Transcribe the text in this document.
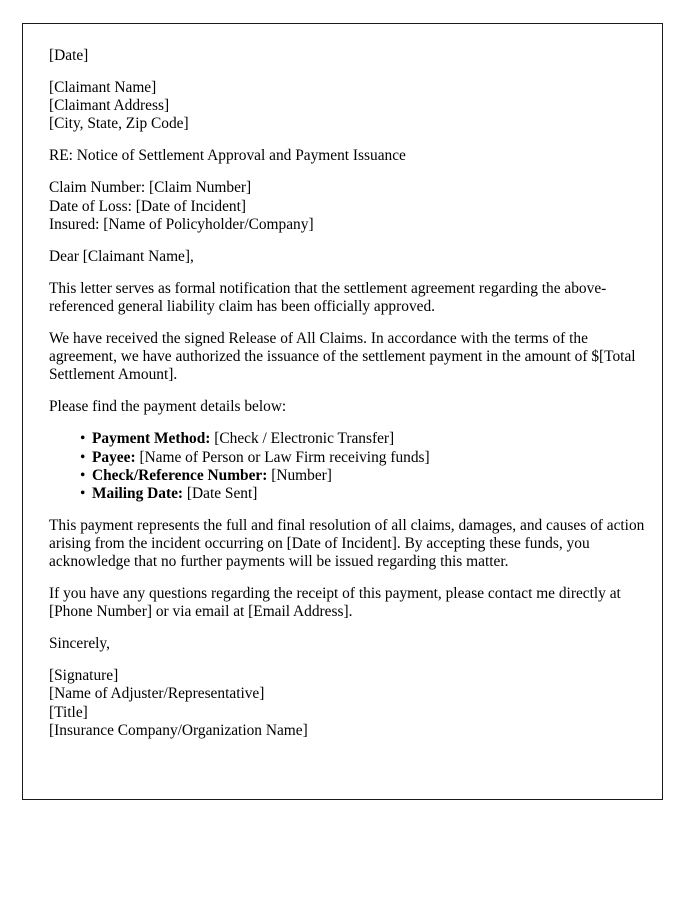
[Date]
[Claimant Name]
[Claimant Address]
[City, State, Zip Code]
RE: Notice of Settlement Approval and Payment Issuance
Claim Number: [Claim Number]
Date of Loss: [Date of Incident]
Insured: [Name of Policyholder/Company]
Dear [Claimant Name],

This letter serves as formal notification that the settlement agreement regarding the above-referenced general liability claim has been officially approved.

We have received the signed Release of All Claims. In accordance with the terms of the agreement, we have authorized the issuance of the settlement payment in the amount of $[Total Settlement Amount].

Please find the payment details below:

• Payment Method: [Check / Electronic Transfer]
• Payee: [Name of Person or Law Firm receiving funds]
• Check/Reference Number: [Number]
• Mailing Date: [Date Sent]

This payment represents the full and final resolution of all claims, damages, and causes of action arising from the incident occurring on [Date of Incident]. By accepting these funds, you acknowledge that no further payments will be issued regarding this matter.

If you have any questions regarding the receipt of this payment, please contact me directly at [Phone Number] or via email at [Email Address].

Sincerely,
[Signature]
[Name of Adjuster/Representative]
[Title]
[Insurance Company/Organization Name]
